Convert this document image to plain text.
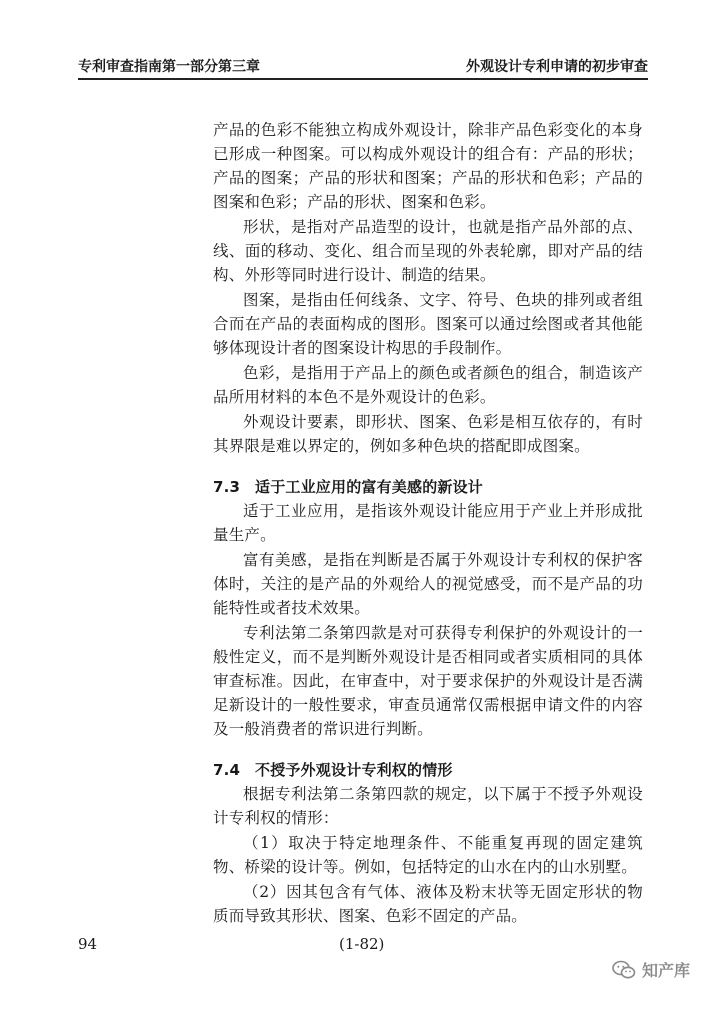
专利审查指南第一部分第三章	外观设计专利申请的初步审查

产品的色彩不能独立构成外观设计，除非产品色彩变化的本身已形成一种图案。可以构成外观设计的组合有：产品的形状；产品的图案；产品的形状和图案；产品的形状和色彩；产品的图案和色彩；产品的形状、图案和色彩。

形状，是指对产品造型的设计，也就是指产品外部的点、线、面的移动、变化、组合而呈现的外表轮廓，即对产品的结构、外形等同时进行设计、制造的结果。

图案，是指由任何线条、文字、符号、色块的排列或者组合而在产品的表面构成的图形。图案可以通过绘图或者其他能够体现设计者的图案设计构思的手段制作。

色彩，是指用于产品上的颜色或者颜色的组合，制造该产品所用材料的本色不是外观设计的色彩。

外观设计要素，即形状、图案、色彩是相互依存的，有时其界限是难以界定的，例如多种色块的搭配即成图案。

7.3 适于工业应用的富有美感的新设计

适于工业应用，是指该外观设计能应用于产业上并形成批量生产。

富有美感，是指在判断是否属于外观设计专利权的保护客体时，关注的是产品的外观给人的视觉感受，而不是产品的功能特性或者技术效果。

专利法第二条第四款是对可获得专利保护的外观设计的一般性定义，而不是判断外观设计是否相同或者实质相同的具体审查标准。因此，在审查中，对于要求保护的外观设计是否满足新设计的一般性要求，审查员通常仅需根据申请文件的内容及一般消费者的常识进行判断。

7.4 不授予外观设计专利权的情形

根据专利法第二条第四款的规定，以下属于不授予外观设计专利权的情形：

（1）取决于特定地理条件、不能重复再现的固定建筑物、桥梁的设计等。例如，包括特定的山水在内的山水别墅。

（2）因其包含有气体、液体及粉末状等无固定形状的物质而导致其形状、图案、色彩不固定的产品。

94	(1-82)
知产库
